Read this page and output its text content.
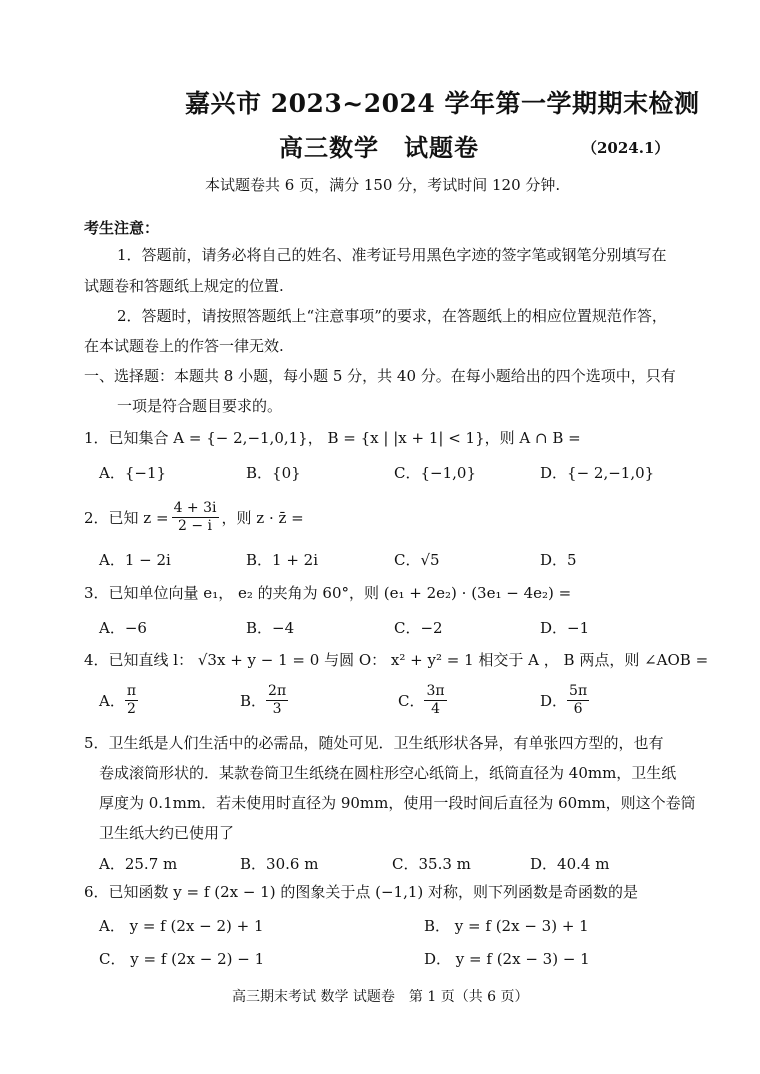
嘉兴市 2023~2024 学年第一学期期末检测
高三数学　试题卷	（2024.1）
本试题卷共 6 页，满分 150 分，考试时间 120 分钟.
考生注意：
1．答题前，请务必将自己的姓名、准考证号用黑色字迹的签字笔或钢笔分别填写在
试题卷和答题纸上规定的位置.
2．答题时，请按照答题纸上“注意事项”的要求，在答题纸上的相应位置规范作答，
在本试题卷上的作答一律无效.
一、选择题：本题共 8 小题，每小题 5 分，共 40 分。在每小题给出的四个选项中，只有
一项是符合题目要求的。
1．已知集合 A = {− 2,−1,0,1}， B = {x | |x + 1| < 1}，则 A ∩ B =
A．{−1}	B．{0}	C．{−1,0}	D．{− 2,−1,0}
2．已知 $z = \frac{4 + 3i}{2 - i}$ ，则 z · z̄ =
A．1 − 2i	B．1 + 2i	C．√5	D．5
3．已知单位向量 e₁， e₂ 的夹角为 60°，则 (e₁ + 2e₂) · (3e₁ − 4e₂) =
A．−6	B．−4	C．−2	D．−1
4．已知直线 l： √3x + y − 1 = 0 与圆 O： x² + y² = 1 相交于 A ， B 两点，则 ∠AOB =
A． $\frac{\pi}{2}$	B． $\frac{2\pi}{3}$	C． $\frac{3\pi}{4}$	D． $\frac{5\pi}{6}$
5．卫生纸是人们生活中的必需品，随处可见．卫生纸形状各异，有单张四方型的，也有
卷成滚筒形状的．某款卷筒卫生纸绕在圆柱形空心纸筒上，纸筒直径为 40mm，卫生纸
厚度为 0.1mm．若未使用时直径为 90mm，使用一段时间后直径为 60mm，则这个卷筒
卫生纸大约已使用了
A．25.7 m	B．30.6 m	C．35.3 m	D．40.4 m
6．已知函数 y = f (2x − 1) 的图象关于点 (−1,1) 对称，则下列函数是奇函数的是
A． y = f (2x − 2) + 1	B． y = f (2x − 3) + 1
C． y = f (2x − 2) − 1	D． y = f (2x − 3) − 1
高三期末考试 数学 试题卷　第 1 页（共 6 页）
